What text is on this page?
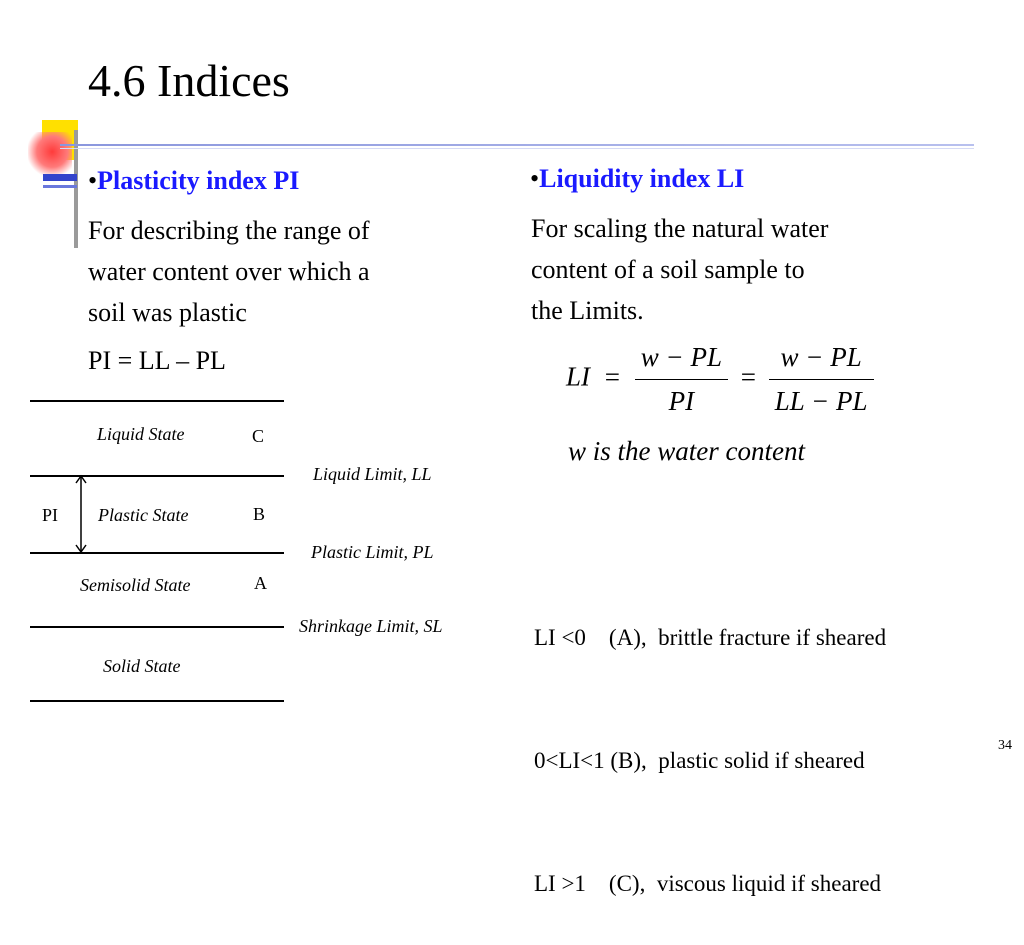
4.6 Indices
•Plasticity index PI
For describing the range of
water content over which a
soil was plastic
PI = LL – PL
Liquid State
Plastic State
Semisolid State
Solid State
C
B
A
PI
Liquid Limit, LL
Plastic Limit, PL
Shrinkage Limit, SL
•Liquidity index LI
For scaling the natural water
content of a soil sample to
the Limits.
LI = $\frac{w - PL}{PI} = \frac{w - PL}{LL - PL}$
w is the water content

LI <0    (A),  brittle fracture if sheared

0<LI<1 (B),  plastic solid if sheared

LI >1    (C),  viscous liquid if sheared

34
